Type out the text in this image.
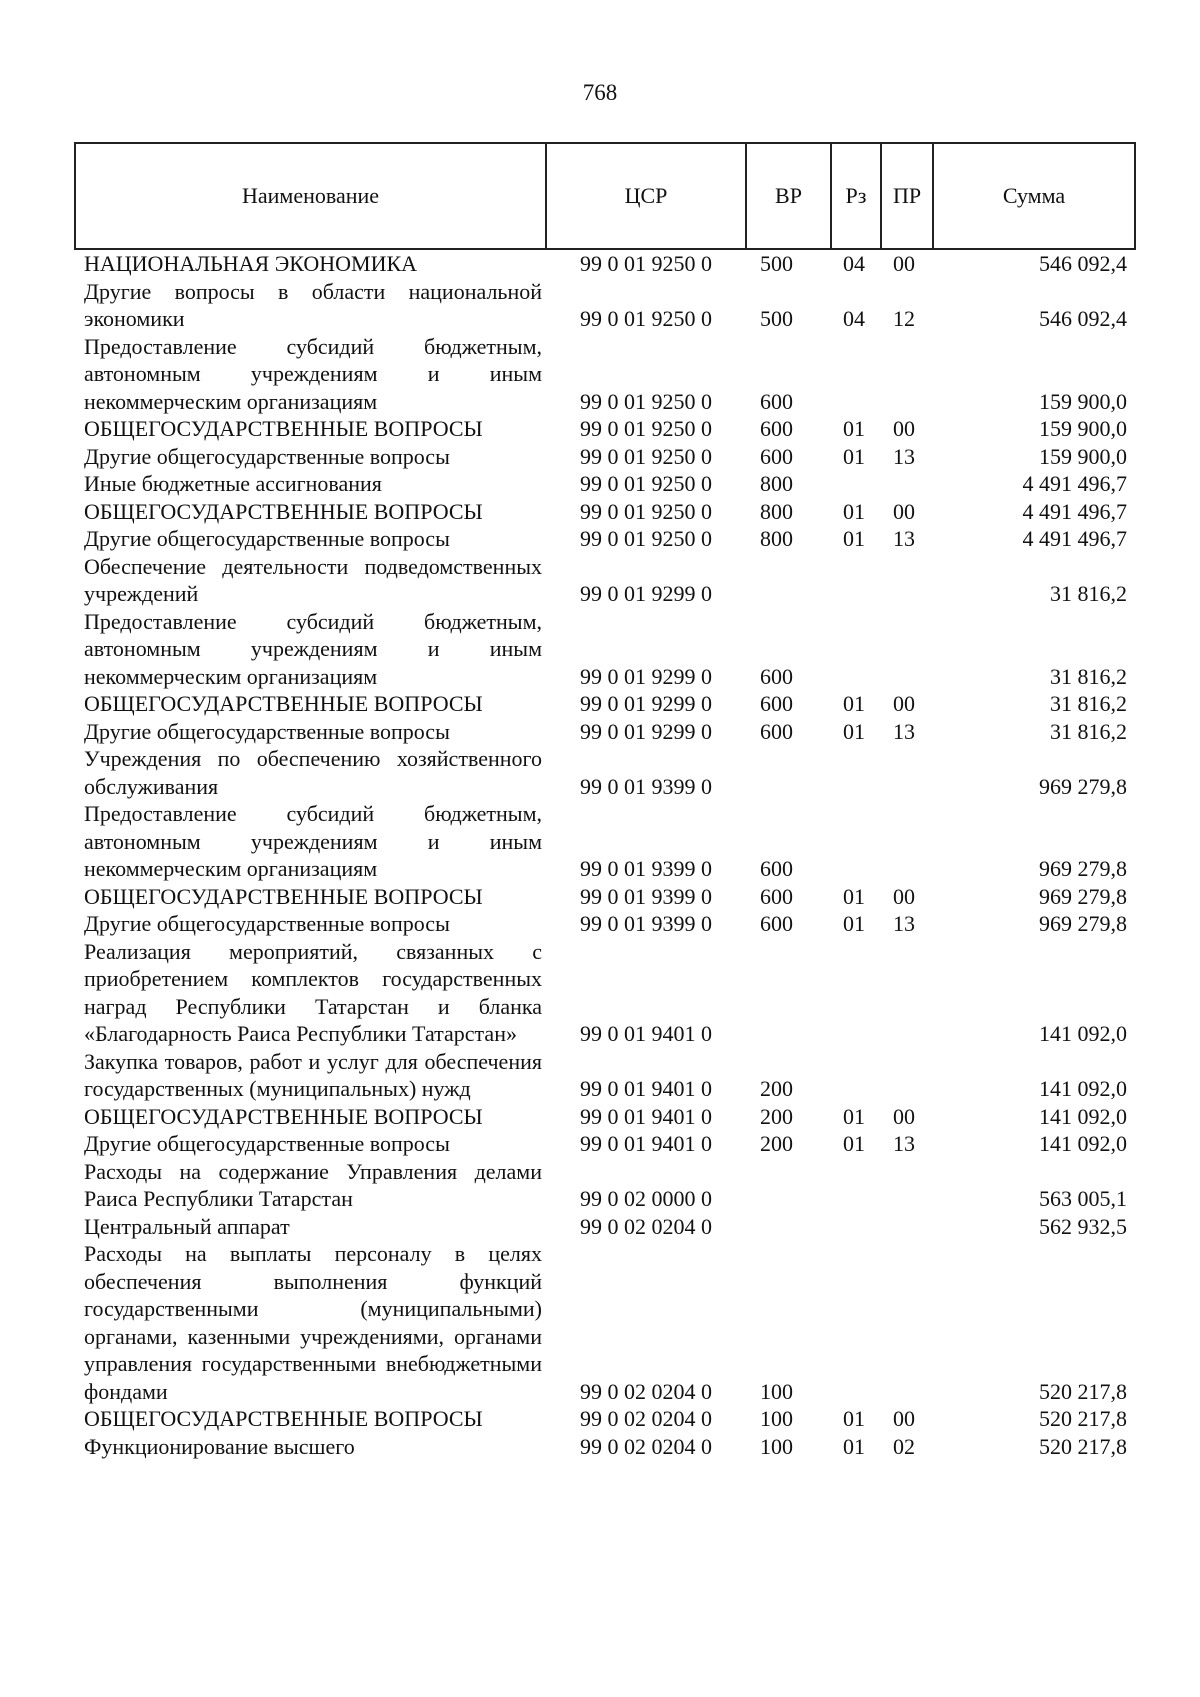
768
Наименование	ЦСР	ВР	Рз	ПР	Сумма
НАЦИОНАЛЬНАЯ ЭКОНОМИКА	99 0 01 9250 0	500	04	00	546 092,4
Другие вопросы в области национальной экономики	99 0 01 9250 0	500	04	12	546 092,4
Предоставление субсидий бюджетным, автономным учреждениям и иным некоммерческим организациям	99 0 01 9250 0	600			159 900,0
ОБЩЕГОСУДАРСТВЕННЫЕ ВОПРОСЫ	99 0 01 9250 0	600	01	00	159 900,0
Другие общегосударственные вопросы	99 0 01 9250 0	600	01	13	159 900,0
Иные бюджетные ассигнования	99 0 01 9250 0	800			4 491 496,7
ОБЩЕГОСУДАРСТВЕННЫЕ ВОПРОСЫ	99 0 01 9250 0	800	01	00	4 491 496,7
Другие общегосударственные вопросы	99 0 01 9250 0	800	01	13	4 491 496,7
Обеспечение деятельности подведомственных учреждений	99 0 01 9299 0				31 816,2
Предоставление субсидий бюджетным, автономным учреждениям и иным некоммерческим организациям	99 0 01 9299 0	600			31 816,2
ОБЩЕГОСУДАРСТВЕННЫЕ ВОПРОСЫ	99 0 01 9299 0	600	01	00	31 816,2
Другие общегосударственные вопросы	99 0 01 9299 0	600	01	13	31 816,2
Учреждения по обеспечению хозяйственного обслуживания	99 0 01 9399 0				969 279,8
Предоставление субсидий бюджетным, автономным учреждениям и иным некоммерческим организациям	99 0 01 9399 0	600			969 279,8
ОБЩЕГОСУДАРСТВЕННЫЕ ВОПРОСЫ	99 0 01 9399 0	600	01	00	969 279,8
Другие общегосударственные вопросы	99 0 01 9399 0	600	01	13	969 279,8
Реализация мероприятий, связанных с приобретением комплектов государственных наград Республики Татарстан и бланка «Благодарность Раиса Республики Татарстан»	99 0 01 9401 0				141 092,0
Закупка товаров, работ и услуг для обеспечения государственных (муниципальных) нужд	99 0 01 9401 0	200			141 092,0
ОБЩЕГОСУДАРСТВЕННЫЕ ВОПРОСЫ	99 0 01 9401 0	200	01	00	141 092,0
Другие общегосударственные вопросы	99 0 01 9401 0	200	01	13	141 092,0
Расходы на содержание Управления делами Раиса Республики Татарстан	99 0 02 0000 0				563 005,1
Центральный аппарат	99 0 02 0204 0				562 932,5
Расходы на выплаты персоналу в целях обеспечения выполнения функций государственными (муниципальными) органами, казенными учреждениями, органами управления государственными внебюджетными фондами	99 0 02 0204 0	100			520 217,8
ОБЩЕГОСУДАРСТВЕННЫЕ ВОПРОСЫ	99 0 02 0204 0	100	01	00	520 217,8
Функционирование высшего	99 0 02 0204 0	100	01	02	520 217,8
